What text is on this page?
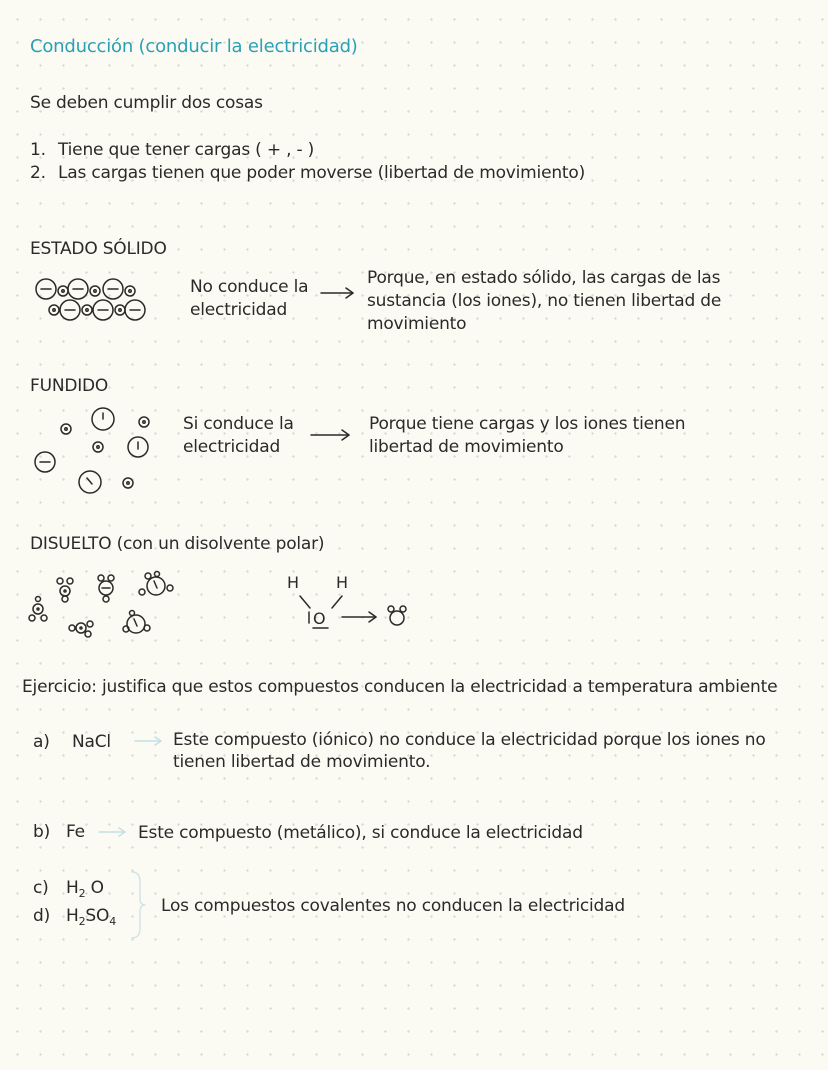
Conducción (conducir la electricidad)
Se deben cumplir dos cosas
1. Tiene que tener cargas ( + , - )
2. Las cargas tienen que poder moverse (libertad de movimiento)
ESTADO SÓLIDO
No conduce la
electricidad
Porque, en estado sólido, las cargas de las
sustancia (los iones), no tienen libertad de
movimiento
FUNDIDO
Si conduce la
electricidad
Porque tiene cargas y los iones tienen
libertad de movimiento
DISUELTO (con un disolvente polar)
H H
O
Ejercicio: justifica que estos compuestos conducen la electricidad a temperatura ambiente
a) NaCl	Este compuesto (iónico) no conduce la electricidad porque los iones no
tienen libertad de movimiento.
b) Fe	Este compuesto (metálico), si conduce la electricidad
c) $H_2$ O
d) $H_2SO_4$
Los compuestos covalentes no conducen la electricidad
